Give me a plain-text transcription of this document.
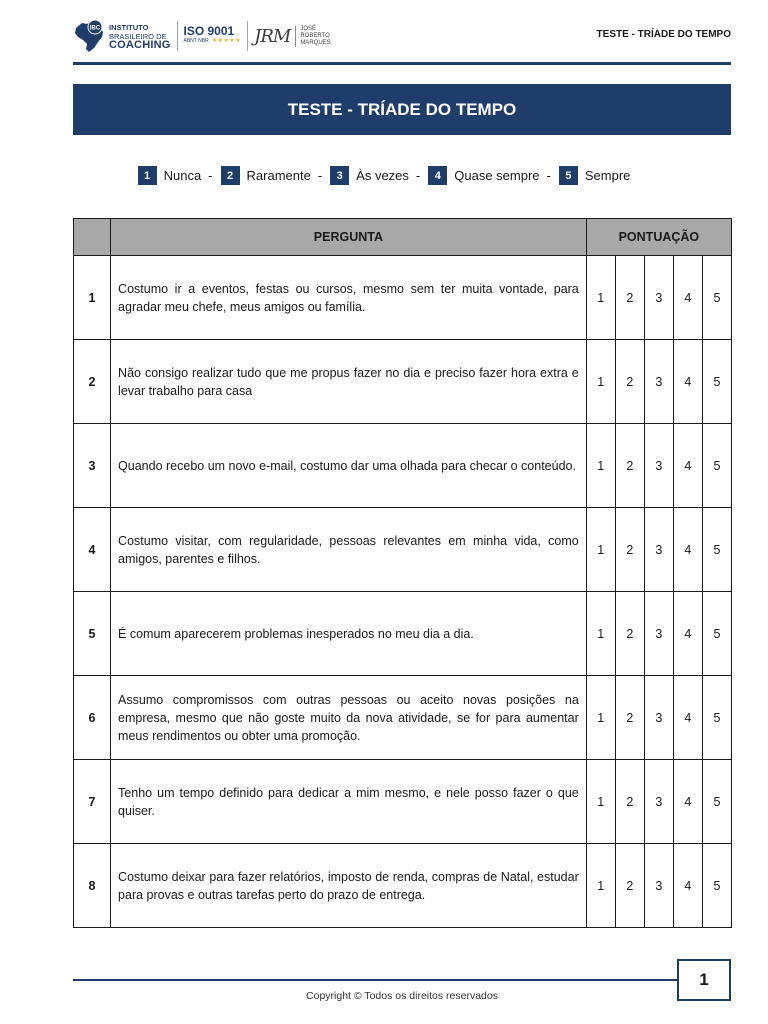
IBC INSTITUTO
BRASILEIRO DE
COACHING
ISO 9001
ABNT NBR ★★★★★ JRM JOSÉ
ROBERTO
MARQUES
TESTE - TRÍADE DO TEMPO
TESTE - TRÍADE DO TEMPO
1	Nunca -	2	Raramente -	3	Às vezes -	4	Quase sempre -	5	Sempre
	PERGUNTA	PONTUAÇÃO				
1	Costumo ir a eventos, festas ou cursos, mesmo sem ter muita vontade, para agradar meu chefe, meus amigos ou família.	1	2	3	4	5
2	Não consigo realizar tudo que me propus fazer no dia e preciso fazer hora extra e levar trabalho para casa	1	2	3	4	5
3	Quando recebo um novo e-mail, costumo dar uma olhada para checar o conteúdo.	1	2	3	4	5
4	Costumo visitar, com regularidade, pessoas relevantes em minha vida, como amigos, parentes e filhos.	1	2	3	4	5
5	É comum aparecerem problemas inesperados no meu dia a dia.	1	2	3	4	5
6	Assumo compromissos com outras pessoas ou aceito novas posições na empresa, mesmo que não goste muito da nova atividade, se for para aumentar meus rendimentos ou obter uma promoção.	1	2	3	4	5
7	Tenho um tempo definido para dedicar a mim mesmo, e nele posso fazer o que quiser.	1	2	3	4	5
8	Costumo deixar para fazer relatórios, imposto de renda, compras de Natal, estudar para provas e outras tarefas perto do prazo de entrega.	1	2	3	4	5
1
Copyright © Todos os direitos reservados
